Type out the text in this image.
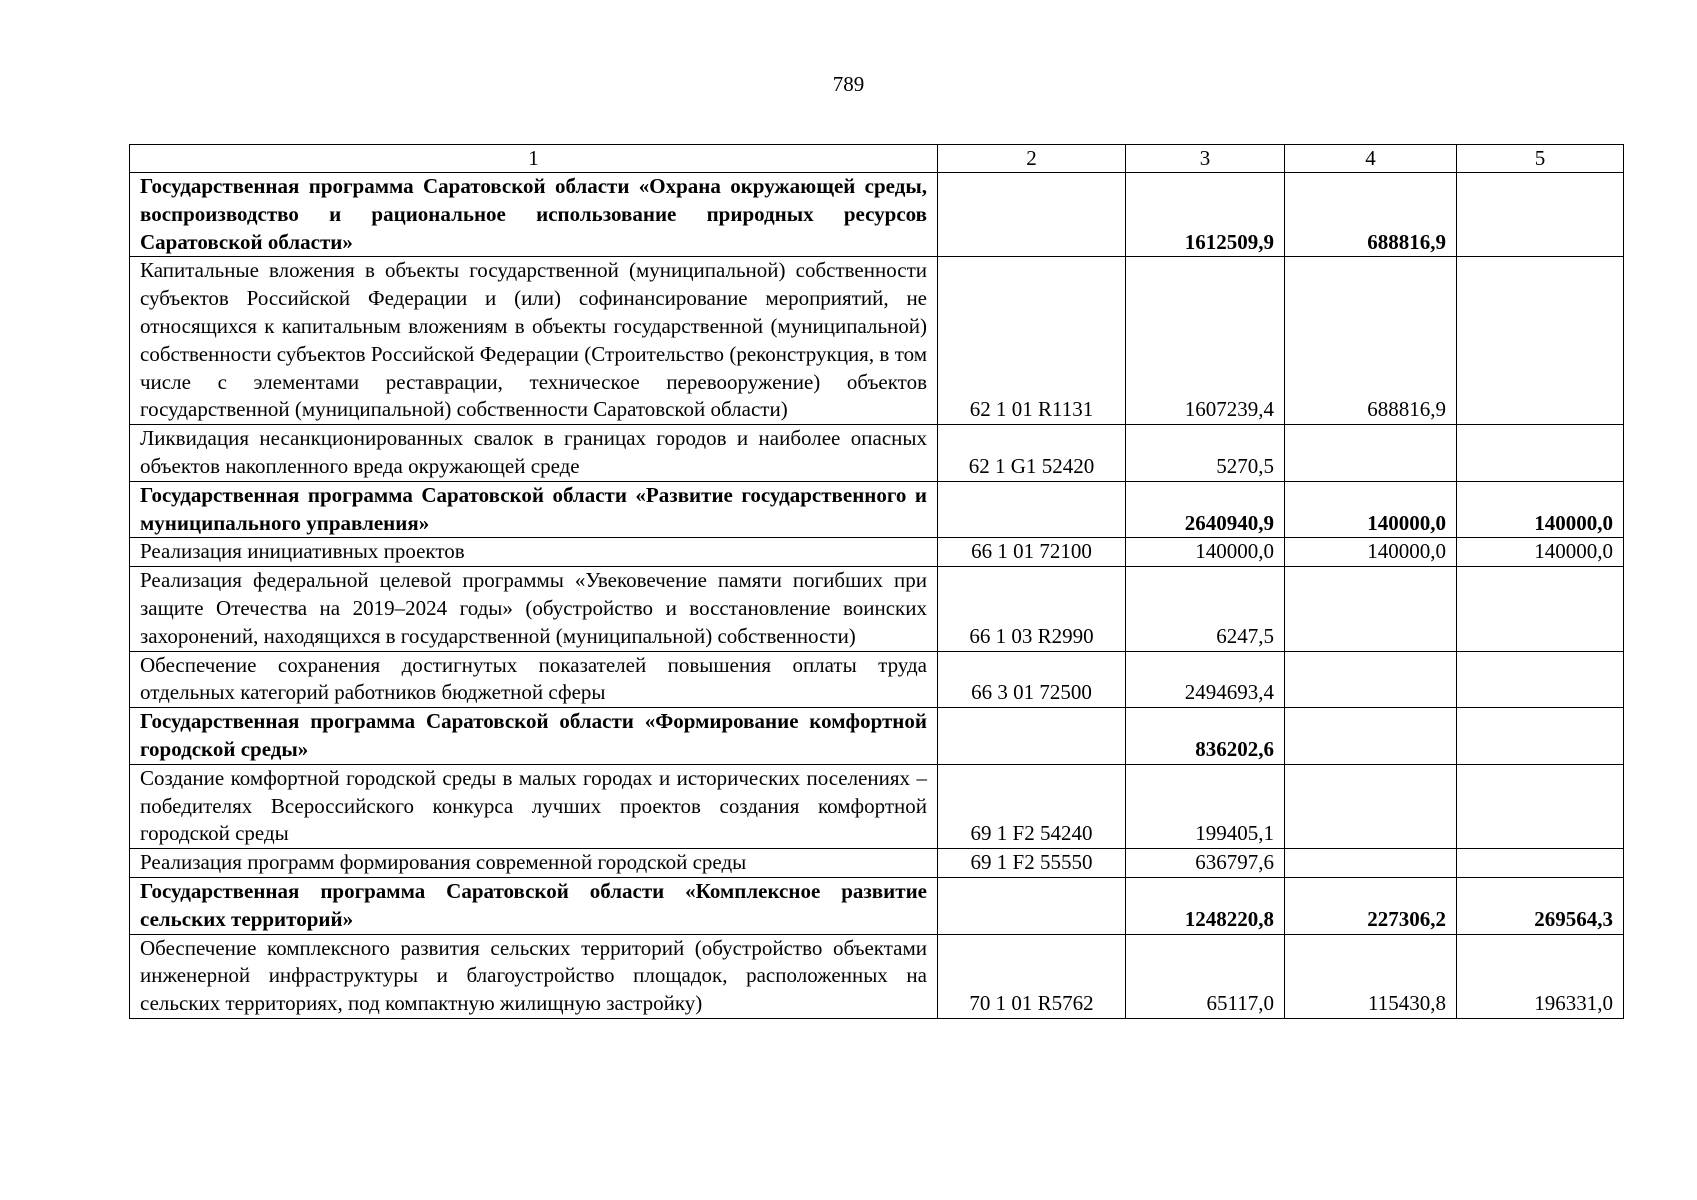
789
1	2	3	4	5
Государственная программа Саратовской области «Охрана окружающей среды, воспроизводство и рациональное использование природных ресурсов Саратовской области»		1612509,9	688816,9	
Капитальные вложения в объекты государственной (муниципальной) собственности субъектов Российской Федерации и (или) софинансирование мероприятий, не относящихся к капитальным вложениям в объекты государственной (муниципальной) собственности субъектов Российской Федерации (Строительство (реконструкция, в том числе с элементами реставрации, техническое перевооружение) объектов государственной (муниципальной) собственности Саратовской области)	62 1 01 R1131	1607239,4	688816,9	
Ликвидация несанкционированных свалок в границах городов и наиболее опасных объектов накопленного вреда окружающей среде	62 1 G1 52420	5270,5		
Государственная программа Саратовской области «Развитие государственного и муниципального управления»		2640940,9	140000,0	140000,0
Реализация инициативных проектов	66 1 01 72100	140000,0	140000,0	140000,0
Реализация федеральной целевой программы «Увековечение памяти погибших при защите Отечества на 2019–2024 годы» (обустройство и восстановление воинских захоронений, находящихся в государственной (муниципальной) собственности)	66 1 03 R2990	6247,5		
Обеспечение сохранения достигнутых показателей повышения оплаты труда отдельных категорий работников бюджетной сферы	66 3 01 72500	2494693,4		
Государственная программа Саратовской области «Формирование комфортной городской среды»		836202,6		
Создание комфортной городской среды в малых городах и исторических поселениях – победителях Всероссийского конкурса лучших проектов создания комфортной городской среды	69 1 F2 54240	199405,1		
Реализация программ формирования современной городской среды	69 1 F2 55550	636797,6		
Государственная программа Саратовской области «Комплексное развитие сельских территорий»		1248220,8	227306,2	269564,3
Обеспечение комплексного развития сельских территорий (обустройство объектами инженерной инфраструктуры и благоустройство площадок, расположенных на сельских территориях, под компактную жилищную застройку)	70 1 01 R5762	65117,0	115430,8	196331,0
